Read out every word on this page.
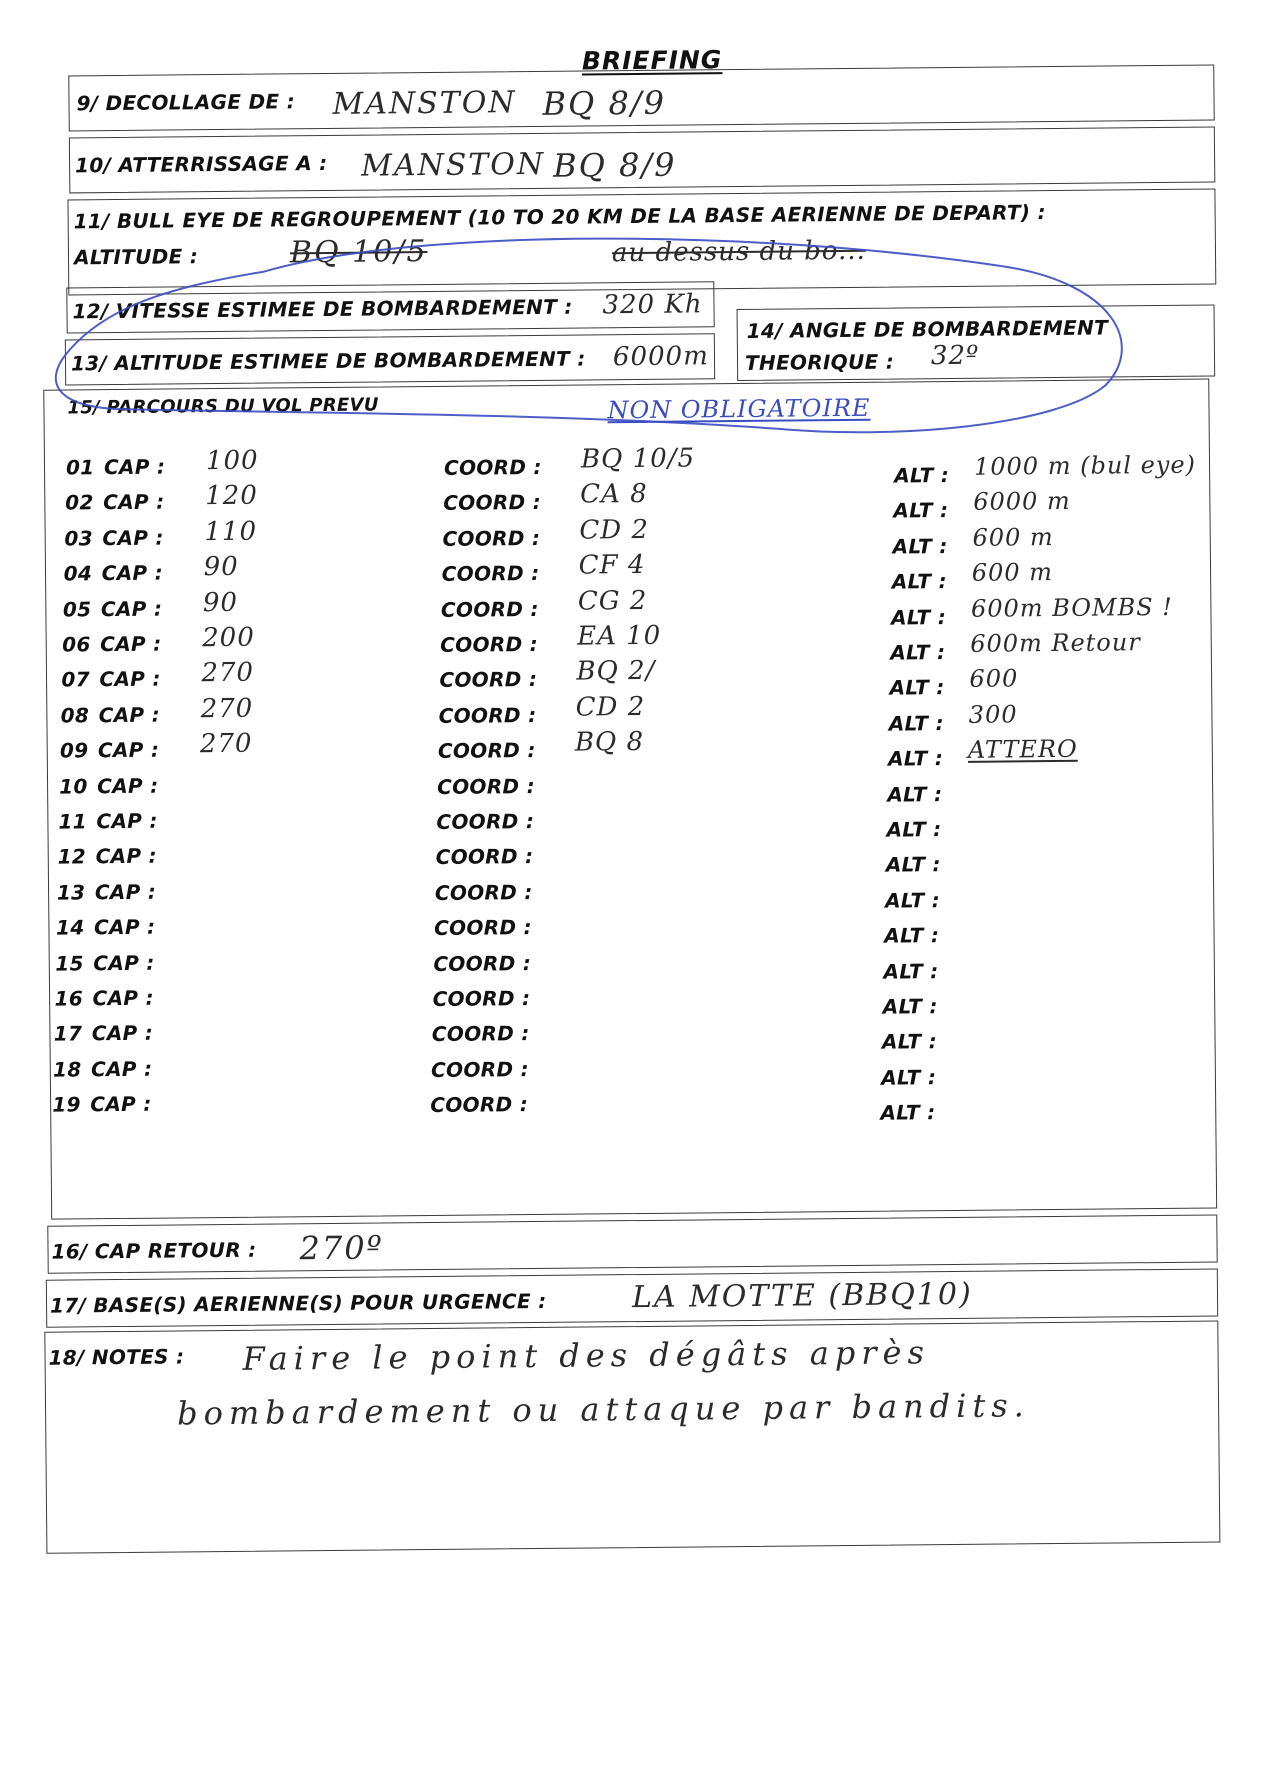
BRIEFING
9/ DECOLLAGE DE : MANSTON BQ 8/9
10/ ATTERRISSAGE A : MANSTON BQ 8/9
11/ BULL EYE DE REGROUPEMENT (10 TO 20 KM DE LA BASE AERIENNE DE DEPART) :
ALTITUDE :	BQ 10/5	au dessus du bo...
12/ VITESSE ESTIMEE DE BOMBARDEMENT : 320 Kh
13/ ALTITUDE ESTIMEE DE BOMBARDEMENT : 6000m
14/ ANGLE DE BOMBARDEMENT
THEORIQUE : 32º
15/ PARCOURS DU VOL PREVU	NON OBLIGATOIRE
01 CAP :	COORD :	ALT :
100	BQ 10/5	1000 m (bul eye)
02 CAP :	COORD :	ALT :
120	CA 8	6000 m
03 CAP :	COORD :	ALT :
110	CD 2	600 m
04 CAP :	COORD :	ALT :
90	CF 4	600 m
05 CAP :	COORD :	ALT :
90	CG 2	600m BOMBS !
06 CAP :	COORD :	ALT :
200	EA 10	600m Retour
07 CAP :	COORD :	ALT :
270	BQ 2/	600
08 CAP :	COORD :	ALT :
270	CD 2	300
09 CAP :	COORD :	ALT :
270	BQ 8	ATTERO
10 CAP :	COORD :	ALT :
11 CAP :	COORD :	ALT :
12 CAP :	COORD :	ALT :
13 CAP :	COORD :	ALT :
14 CAP :	COORD :	ALT :
15 CAP :	COORD :	ALT :
16 CAP :	COORD :	ALT :
17 CAP :	COORD :	ALT :
18 CAP :	COORD :	ALT :
19 CAP :	COORD :	ALT :
16/ CAP RETOUR : 270º
17/ BASE(S) AERIENNE(S) POUR URGENCE :	LA MOTTE (BBQ10)
18/ NOTES : Faire le point des dégâts après
bombardement ou attaque par bandits.
